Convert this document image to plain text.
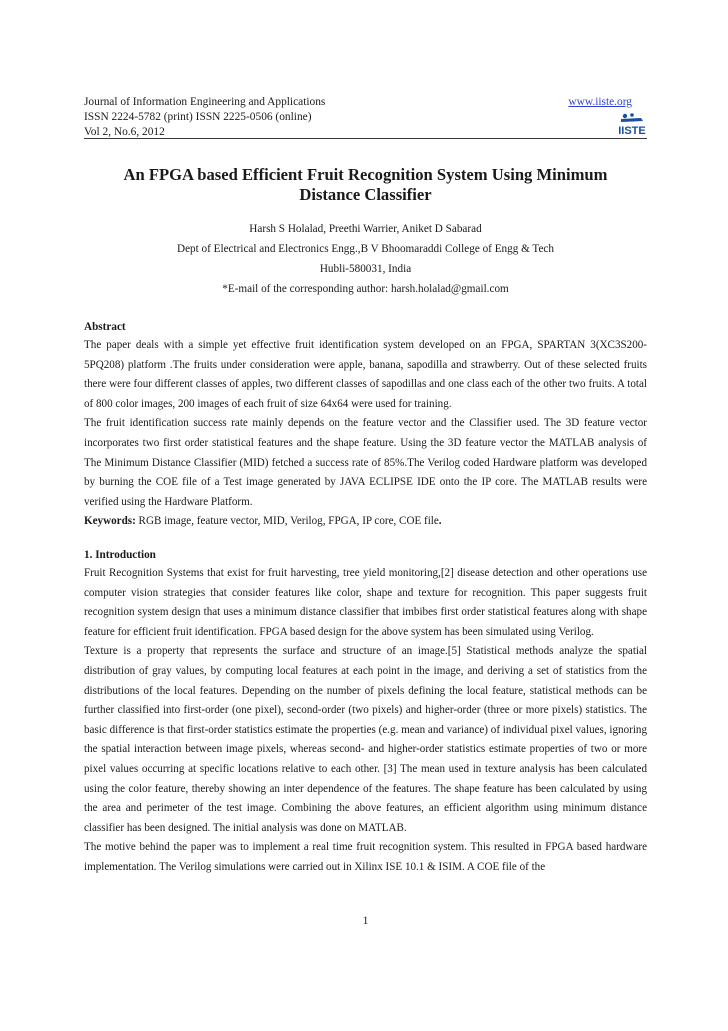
Journal of Information Engineering and Applications
ISSN 2224-5782 (print) ISSN 2225-0506 (online)
Vol 2, No.6, 2012
www.iiste.org
IISTE
An FPGA based Efficient Fruit Recognition System Using Minimum
Distance Classifier
Harsh S Holalad, Preethi Warrier, Aniket D Sabarad
Dept of Electrical and Electronics Engg.,B V Bhoomaraddi College of Engg & Tech
Hubli-580031, India
*E-mail of the corresponding author: harsh.holalad@gmail.com
Abstract

The paper deals with a simple yet effective fruit identification system developed on an FPGA, SPARTAN 3(XC3S200-5PQ208) platform .The fruits under consideration were apple, banana, sapodilla and strawberry. Out of these selected fruits there were four different classes of apples, two different classes of sapodillas and one class each of the other two fruits. A total of 800 color images, 200 images of each fruit of size 64x64 were used for training.

The fruit identification success rate mainly depends on the feature vector and the Classifier used. The 3D feature vector incorporates two first order statistical features and the shape feature. Using the 3D feature vector the MATLAB analysis of The Minimum Distance Classifier (MID) fetched a success rate of 85%.The Verilog coded Hardware platform was developed by burning the COE file of a Test image generated by JAVA ECLIPSE IDE onto the IP core. The MATLAB results were verified using the Hardware Platform.

Keywords: RGB image, feature vector, MID, Verilog, FPGA, IP core, COE file.

1. Introduction

Fruit Recognition Systems that exist for fruit harvesting, tree yield monitoring,[2] disease detection and other operations use computer vision strategies that consider features like color, shape and texture for recognition. This paper suggests fruit recognition system design that uses a minimum distance classifier that imbibes first order statistical features along with shape feature for efficient fruit identification. FPGA based design for the above system has been simulated using Verilog.

Texture is a property that represents the surface and structure of an image.[5] Statistical methods analyze the spatial distribution of gray values, by computing local features at each point in the image, and deriving a set of statistics from the distributions of the local features. Depending on the number of pixels defining the local feature, statistical methods can be further classified into first-order (one pixel), second-order (two pixels) and higher-order (three or more pixels) statistics. The basic difference is that first-order statistics estimate the properties (e.g. mean and variance) of individual pixel values, ignoring the spatial interaction between image pixels, whereas second- and higher-order statistics estimate properties of two or more pixel values occurring at specific locations relative to each other. [3] The mean used in texture analysis has been calculated using the color feature, thereby showing an inter dependence of the features. The shape feature has been calculated by using the area and perimeter of the test image. Combining the above features, an efficient algorithm using minimum distance classifier has been designed. The initial analysis was done on MATLAB.

The motive behind the paper was to implement a real time fruit recognition system. This resulted in FPGA based hardware implementation. The Verilog simulations were carried out in Xilinx ISE 10.1 & ISIM. A COE file of the

1
